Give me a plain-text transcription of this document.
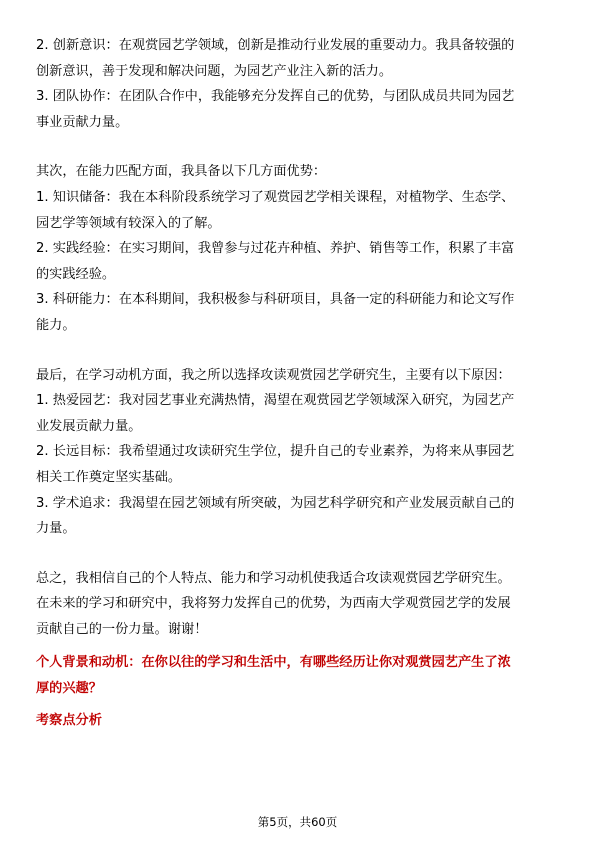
2. 创新意识：在观赏园艺学领域，创新是推动行业发展的重要动力。我具备较强的

创新意识，善于发现和解决问题，为园艺产业注入新的活力。

3. 团队协作：在团队合作中，我能够充分发挥自己的优势，与团队成员共同为园艺

事业贡献力量。

其次，在能力匹配方面，我具备以下几方面优势：

1. 知识储备：我在本科阶段系统学习了观赏园艺学相关课程，对植物学、生态学、

园艺学等领域有较深入的了解。

2. 实践经验：在实习期间，我曾参与过花卉种植、养护、销售等工作，积累了丰富

的实践经验。

3. 科研能力：在本科期间，我积极参与科研项目，具备一定的科研能力和论文写作

能力。

最后，在学习动机方面，我之所以选择攻读观赏园艺学研究生，主要有以下原因：

1. 热爱园艺：我对园艺事业充满热情，渴望在观赏园艺学领域深入研究，为园艺产

业发展贡献力量。

2. 长远目标：我希望通过攻读研究生学位，提升自己的专业素养，为将来从事园艺

相关工作奠定坚实基础。

3. 学术追求：我渴望在园艺领域有所突破，为园艺科学研究和产业发展贡献自己的

力量。

总之，我相信自己的个人特点、能力和学习动机使我适合攻读观赏园艺学研究生。

在未来的学习和研究中，我将努力发挥自己的优势，为西南大学观赏园艺学的发展

贡献自己的一份力量。谢谢！

个人背景和动机：在你以往的学习和生活中，有哪些经历让你对观赏园艺产生了浓

厚的兴趣？

考察点分析

第5页，共60页
